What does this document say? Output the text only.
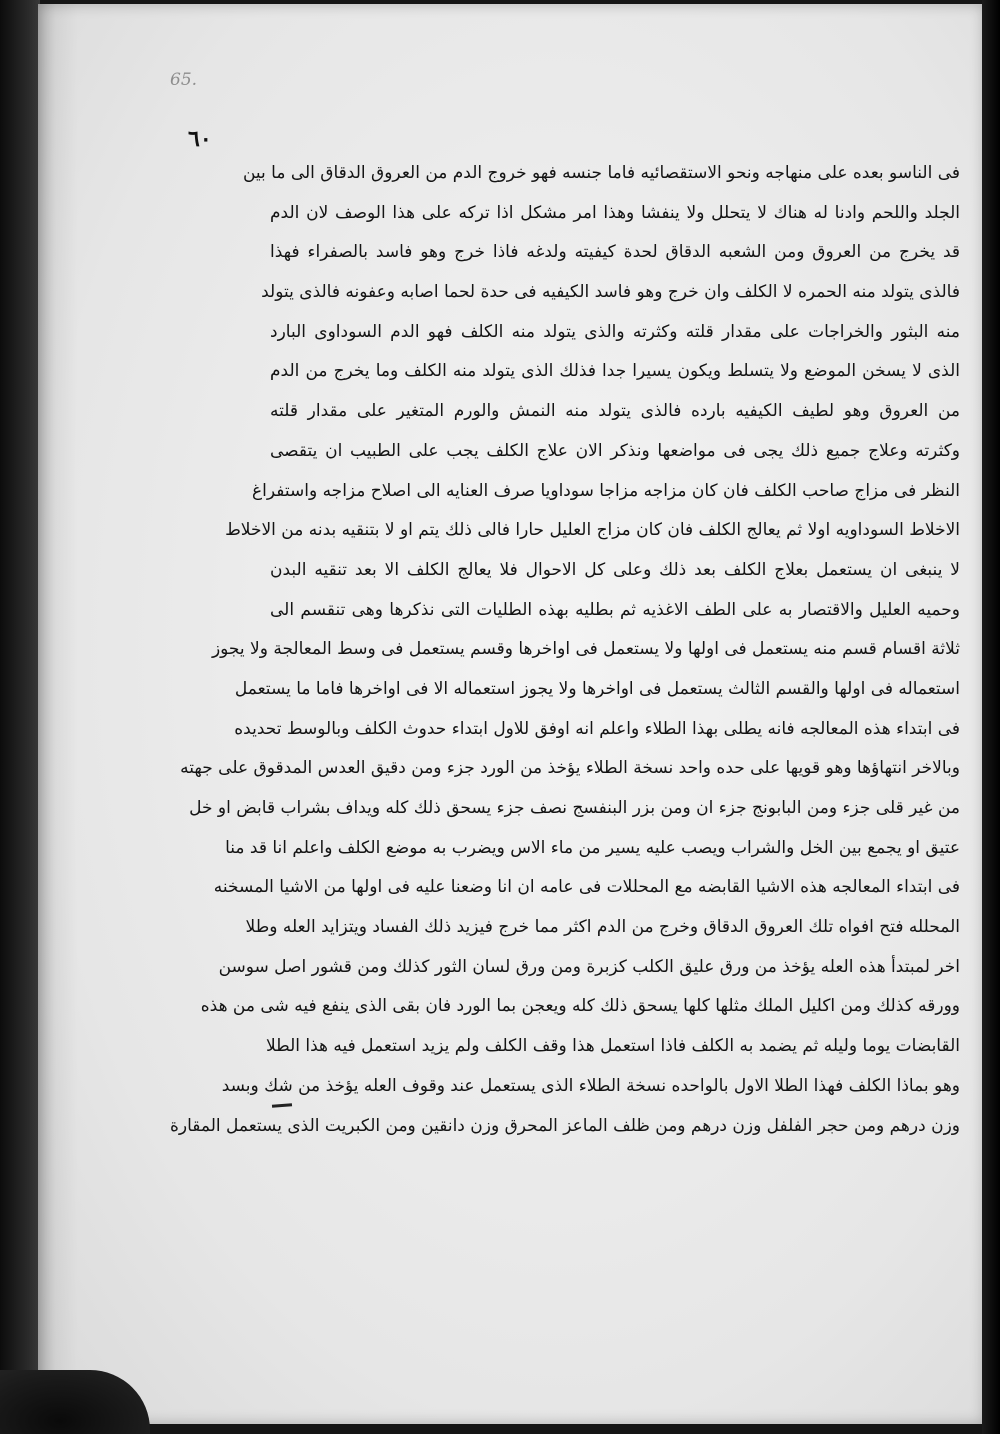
65.
٦٠
فى الناسو بعده على منهاجه ونحو الاستقصائيه فاما جنسه فهو خروج الدم من العروق الدقاق الى ما بين
الجلد واللحم وادنا له هناك لا يتحلل ولا ينفشا وهذا امر مشكل اذا تركه على هذا الوصف لان الدم
قد يخرج من العروق ومن الشعبه الدقاق لحدة كيفيته ولدغه فاذا خرج وهو فاسد بالصفراء فهذا
فالذى يتولد منه الحمره لا الكلف وان خرج وهو فاسد الكيفيه فى حدة لحما اصابه وعفونه فالذى يتولد
منه البثور والخراجات على مقدار قلته وكثرته والذى يتولد منه الكلف فهو الدم السوداوى البارد
الذى لا يسخن الموضع ولا يتسلط ويكون يسيرا جدا فذلك الذى يتولد منه الكلف وما يخرج من الدم
من العروق وهو لطيف الكيفيه بارده فالذى يتولد منه النمش والورم المتغير على مقدار قلته
وكثرته وعلاج جميع ذلك يجى فى مواضعها ونذكر الان علاج الكلف يجب على الطبيب ان يتقصى
النظر فى مزاج صاحب الكلف فان كان مزاجه مزاجا سوداويا صرف العنايه الى اصلاح مزاجه واستفراغ
الاخلاط السوداويه اولا ثم يعالج الكلف فان كان مزاج العليل حارا فالى ذلك يتم او لا بتنقيه بدنه من الاخلاط
لا ينبغى ان يستعمل بعلاج الكلف بعد ذلك وعلى كل الاحوال فلا يعالج الكلف الا بعد تنقيه البدن
وحميه العليل والاقتصار به على الطف الاغذيه ثم بطليه بهذه الطليات التى نذكرها وهى تنقسم الى
ثلاثة اقسام قسم منه يستعمل فى اولها ولا يستعمل فى اواخرها وقسم يستعمل فى وسط المعالجة ولا يجوز
استعماله فى اولها والقسم الثالث يستعمل فى اواخرها ولا يجوز استعماله الا فى اواخرها فاما ما يستعمل
فى ابتداء هذه المعالجه فانه يطلى بهذا الطلاء واعلم انه اوفق للاول ابتداء حدوث الكلف وبالوسط تحديده
وبالاخر انتهاؤها وهو قويها على حده واحد نسخة الطلاء يؤخذ من الورد جزء ومن دقيق العدس المدقوق على جهته
من غير قلى جزء ومن البابونج جزء ان ومن بزر البنفسج نصف جزء يسحق ذلك كله ويداف بشراب قابض او خل
عتيق او يجمع بين الخل والشراب ويصب عليه يسير من ماء الاس ويضرب به موضع الكلف واعلم انا قد منا
فى ابتداء المعالجه هذه الاشيا القابضه مع المحللات فى عامه ان انا وضعنا عليه فى اولها من الاشيا المسخنه
المحلله فتح افواه تلك العروق الدقاق وخرج من الدم اكثر مما خرج فيزيد ذلك الفساد ويتزايد العله وطلا
اخر لمبتدأ هذه العله يؤخذ من ورق عليق الكلب كزبرة ومن ورق لسان الثور كذلك ومن قشور اصل سوسن
وورقه كذلك ومن اكليل الملك مثلها كلها يسحق ذلك كله ويعجن بما الورد فان بقى الذى ينفع فيه شى من هذه
القابضات يوما وليله ثم يضمد به الكلف فاذا استعمل هذا وقف الكلف ولم يزيد استعمل فيه هذا الطلا
وهو بماذا الكلف فهذا الطلا الاول بالواحده نسخة الطلاء الذى يستعمل عند وقوف العله يؤخذ من شك وبسد
وزن درهم ومن حجر الفلفل وزن درهم ومن ظلف الماعز المحرق وزن دانقين ومن الكبريت الذى يستعمل المقارة
